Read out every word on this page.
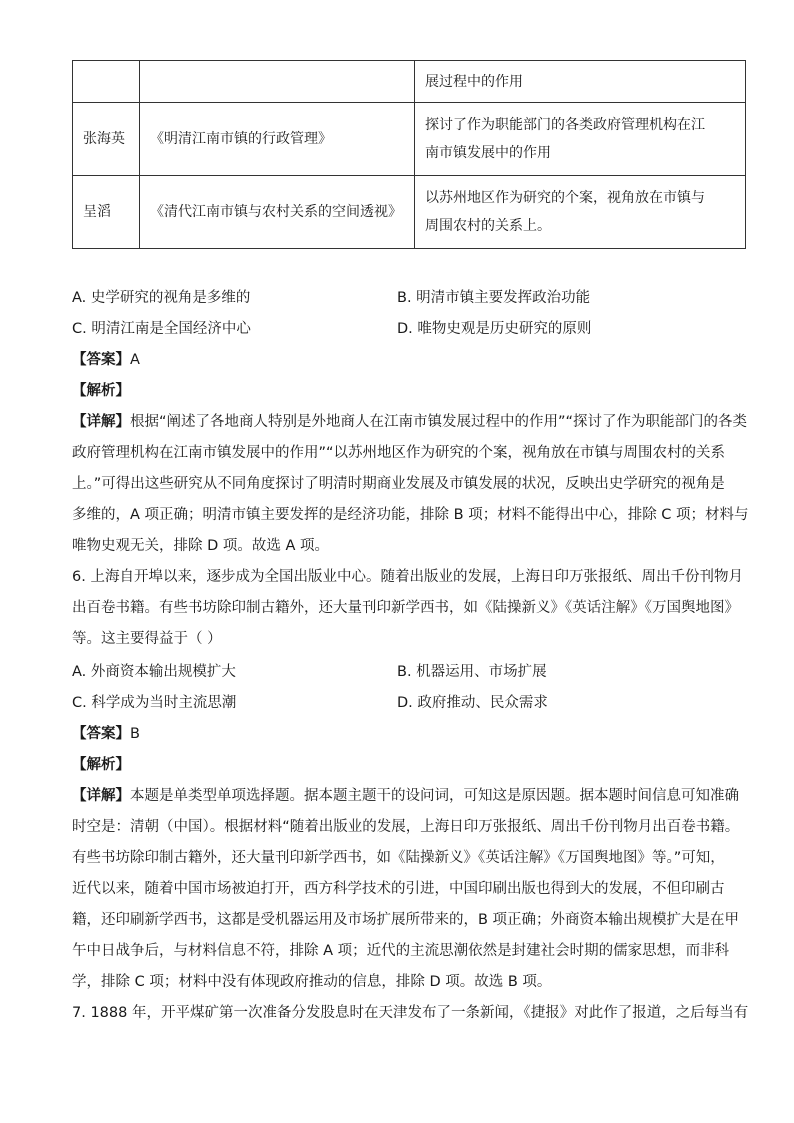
		展过程中的作用
张海英	《明清江南市镇的行政管理》	探讨了作为职能部门的各类政府管理机构在江
南市镇发展中的作用

呈滔	《清代江南市镇与农村关系的空间透视》	以苏州地区作为研究的个案，视角放在市镇与
周围农村的关系上。
A. 史学研究的视角是多维的	B. 明清市镇主要发挥政治功能
C. 明清江南是全国经济中心	D. 唯物史观是历史研究的原则
【答案】A
【解析】
【详解】根据“阐述了各地商人特别是外地商人在江南市镇发展过程中的作用”“探讨了作为职能部门的各类
政府管理机构在江南市镇发展中的作用”“以苏州地区作为研究的个案，视角放在市镇与周围农村的关系
上。”可得出这些研究从不同角度探讨了明清时期商业发展及市镇发展的状况，反映出史学研究的视角是
多维的，A 项正确；明清市镇主要发挥的是经济功能，排除 B 项；材料不能得出中心，排除 C 项；材料与
唯物史观无关，排除 D 项。故选 A 项。
6. 上海自开埠以来，逐步成为全国出版业中心。随着出版业的发展，上海日印万张报纸、周出千份刊物月
出百卷书籍。有些书坊除印制古籍外，还大量刊印新学西书，如《陆操新义》《英话注解》《万国舆地图》
等。这主要得益于（ ）
A. 外商资本输出规模扩大	B. 机器运用、市场扩展
C. 科学成为当时主流思潮	D. 政府推动、民众需求
【答案】B
【解析】
【详解】本题是单类型单项选择题。据本题主题干的设问词，可知这是原因题。据本题时间信息可知准确
时空是：清朝（中国）。根据材料“随着出版业的发展，上海日印万张报纸、周出千份刊物月出百卷书籍。
有些书坊除印制古籍外，还大量刊印新学西书，如《陆操新义》《英话注解》《万国舆地图》等。”可知，
近代以来，随着中国市场被迫打开，西方科学技术的引进，中国印刷出版也得到大的发展，不但印刷古
籍，还印刷新学西书，这都是受机器运用及市场扩展所带来的，B 项正确；外商资本输出规模扩大是在甲
午中日战争后，与材料信息不符，排除 A 项；近代的主流思潮依然是封建社会时期的儒家思想，而非科
学，排除 C 项；材料中没有体现政府推动的信息，排除 D 项。故选 B 项。
7. 1888 年，开平煤矿第一次准备分发股息时在天津发布了一条新闻，《捷报》对此作了报道，之后每当有
